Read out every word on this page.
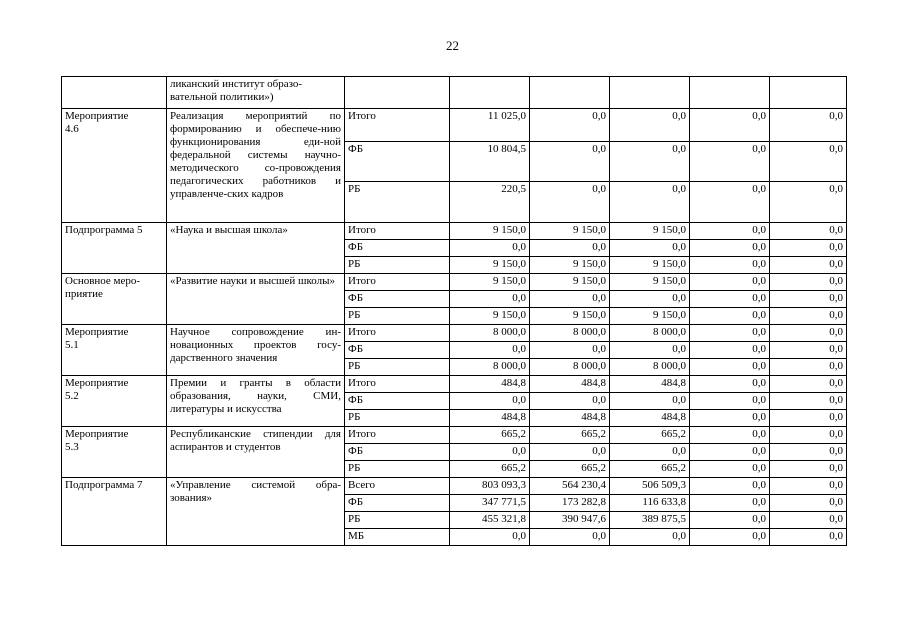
22
	ликанский институт образо-
вательной политики»)						
Мероприятие
4.6	Реализация мероприятий по формированию и обеспече-нию функционирования еди-ной федеральной системы научно-методического со-провождения педагогических работников и управленче-ских кадров	Итого	11 025,0	0,0	0,0	0,0	0,0
		ФБ	10 804,5	0,0	0,0	0,0	0,0
		РБ	220,5	0,0	0,0	0,0	0,0
Подпрограмма 5	«Наука и высшая школа»	Итого	9 150,0	9 150,0	9 150,0	0,0	0,0
		ФБ	0,0	0,0	0,0	0,0	0,0
		РБ	9 150,0	9 150,0	9 150,0	0,0	0,0
Основное меро-
приятие	«Развитие науки и высшей школы»	Итого	9 150,0	9 150,0	9 150,0	0,0	0,0
		ФБ	0,0	0,0	0,0	0,0	0,0
		РБ	9 150,0	9 150,0	9 150,0	0,0	0,0
Мероприятие
5.1	Научное сопровождение ин-новационных проектов госу-дарственного значения	Итого	8 000,0	8 000,0	8 000,0	0,0	0,0
		ФБ	0,0	0,0	0,0	0,0	0,0
		РБ	8 000,0	8 000,0	8 000,0	0,0	0,0
Мероприятие
5.2	Премии и гранты в области образования, науки, СМИ, литературы и искусства	Итого	484,8	484,8	484,8	0,0	0,0
		ФБ	0,0	0,0	0,0	0,0	0,0
		РБ	484,8	484,8	484,8	0,0	0,0
Мероприятие
5.3	Республиканские стипендии для аспирантов и студентов	Итого	665,2	665,2	665,2	0,0	0,0
		ФБ	0,0	0,0	0,0	0,0	0,0
		РБ	665,2	665,2	665,2	0,0	0,0
Подпрограмма 7	«Управление системой обра-зования»	Всего	803 093,3	564 230,4	506 509,3	0,0	0,0
		ФБ	347 771,5	173 282,8	116 633,8	0,0	0,0
		РБ	455 321,8	390 947,6	389 875,5	0,0	0,0
		МБ	0,0	0,0	0,0	0,0	0,0
